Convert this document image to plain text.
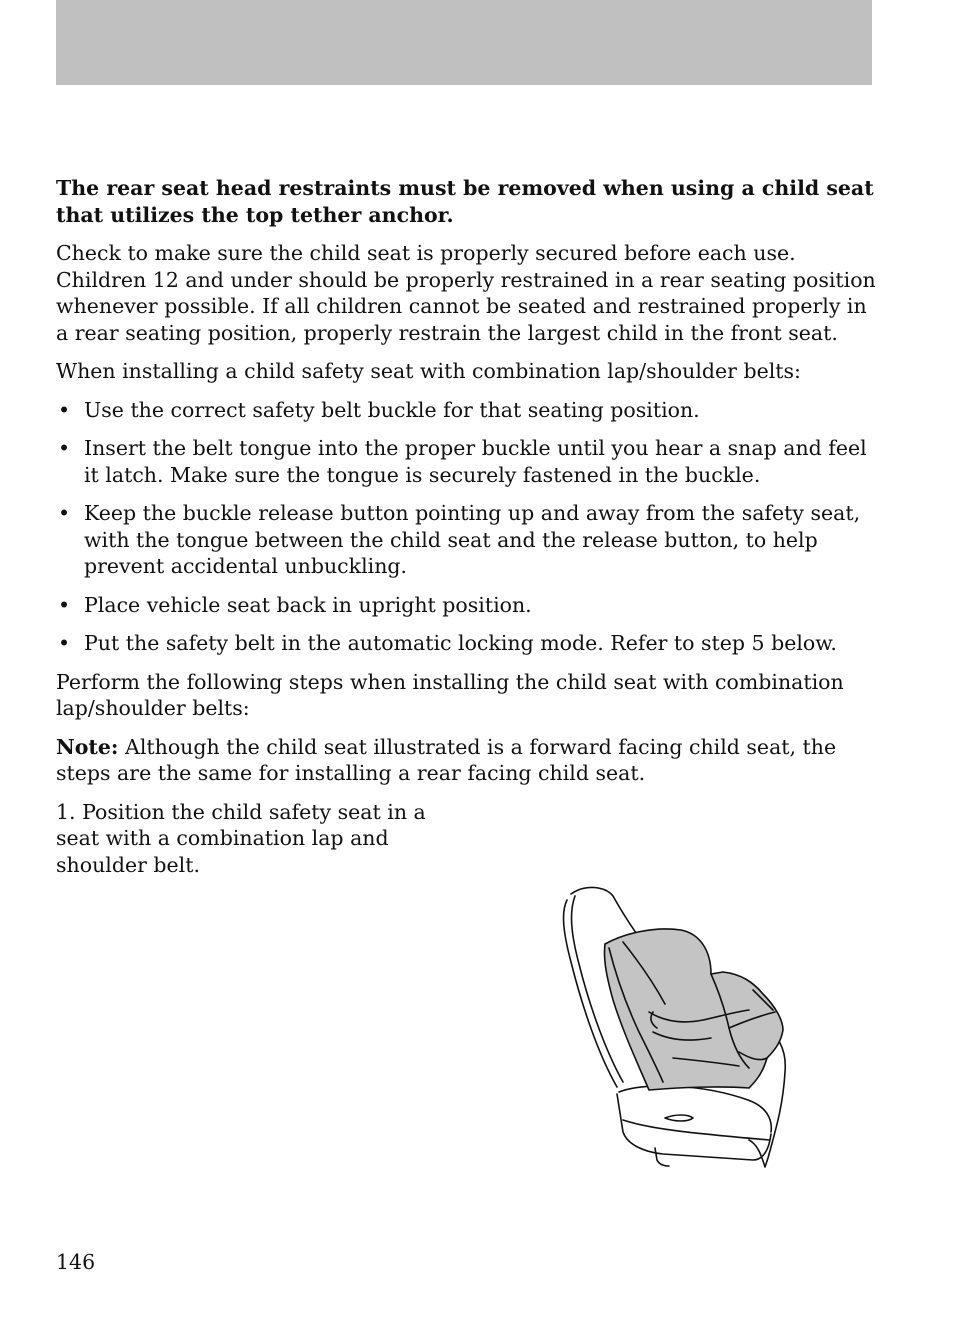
The rear seat head restraints must be removed when using a child seat that utilizes the top tether anchor.

Check to make sure the child seat is properly secured before each use. Children 12 and under should be properly restrained in a rear seating position whenever possible. If all children cannot be seated and restrained properly in a rear seating position, properly restrain the largest child in the front seat.

When installing a child safety seat with combination lap/shoulder belts:

• Use the correct safety belt buckle for that seating position.
• Insert the belt tongue into the proper buckle until you hear a snap and feel it latch. Make sure the tongue is securely fastened in the buckle.
• Keep the buckle release button pointing up and away from the safety seat, with the tongue between the child seat and the release button, to help prevent accidental unbuckling.
• Place vehicle seat back in upright position.
• Put the safety belt in the automatic locking mode. Refer to step 5 below.

Perform the following steps when installing the child seat with combination lap/shoulder belts:

Note: Although the child seat illustrated is a forward facing child seat, the steps are the same for installing a rear facing child seat.

1. Position the child safety seat in a seat with a combination lap and shoulder belt.

146
